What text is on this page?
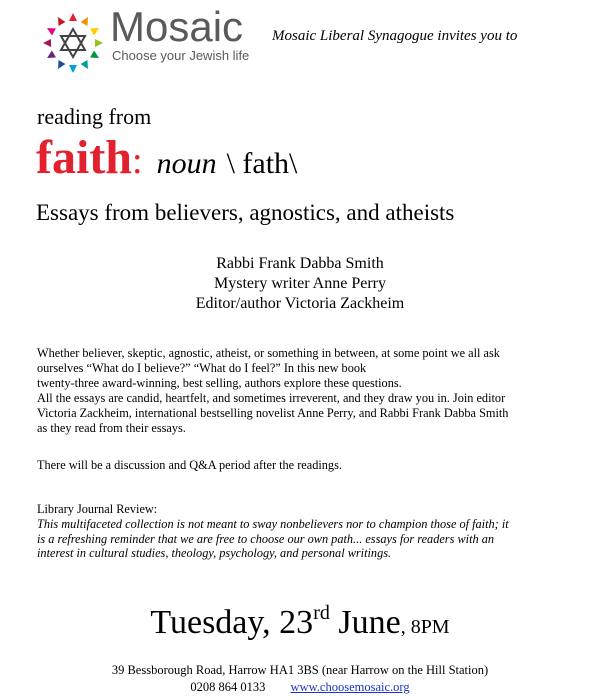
Mosaic
Choose your Jewish life
Mosaic Liberal Synagogue invites you to
reading from
faith: noun \ fath\
Essays from believers, agnostics, and atheists
Rabbi Frank Dabba Smith
Mystery writer Anne Perry
Editor/author Victoria Zackheim

Whether believer, skeptic, agnostic, atheist, or something in between, at some point we all ask

ourselves “What do I believe?” “What do I feel?” In this new book

twenty-three award-winning, best selling, authors explore these questions.

All the essays are candid, heartfelt, and sometimes irreverent, and they draw you in. Join editor

Victoria Zackheim, international bestselling novelist Anne Perry, and Rabbi Frank Dabba Smith

as they read from their essays.

There will be a discussion and Q&A period after the readings.
Library Journal Review:
This multifaceted collection is not meant to sway nonbelievers nor to champion those of faith; it
is a refreshing reminder that we are free to choose our own path... essays for readers with an
interest in cultural studies, theology, psychology, and personal writings.
Tuesday, 23rd June, 8PM
39 Bessborough Road, Harrow HA1 3BS (near Harrow on the Hill Station)
0208 864 0133 www.choosemosaic.org
